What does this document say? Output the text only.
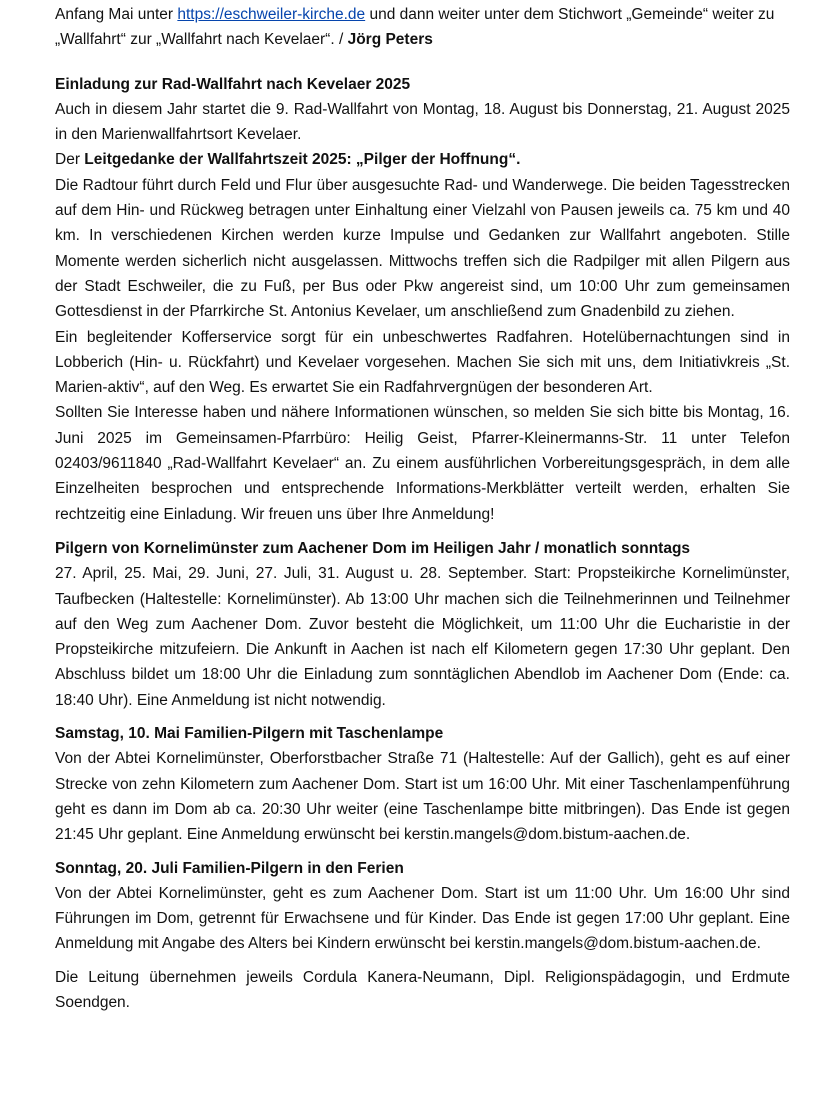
Anfang Mai unter https://eschweiler-kirche.de und dann weiter unter dem Stichwort „Gemeinde“ weiter zu „Wallfahrt“ zur „Wallfahrt nach Kevelaer“. / Jörg Peters

Einladung zur Rad-Wallfahrt nach Kevelaer 2025

Auch in diesem Jahr startet die 9. Rad-Wallfahrt von Montag, 18. August bis Donnerstag, 21. August 2025 in den Marienwallfahrtsort Kevelaer.

Der Leitgedanke der Wallfahrtszeit 2025: „Pilger der Hoffnung“.

Die Radtour führt durch Feld und Flur über ausgesuchte Rad- und Wanderwege. Die beiden Tagesstrecken auf dem Hin- und Rückweg betragen unter Einhaltung einer Vielzahl von Pausen jeweils ca. 75 km und 40 km. In verschiedenen Kirchen werden kurze Impulse und Gedanken zur Wallfahrt angeboten. Stille Momente werden sicherlich nicht ausgelassen. Mittwochs treffen sich die Radpilger mit allen Pilgern aus der Stadt Eschweiler, die zu Fuß, per Bus oder Pkw angereist sind, um 10:00 Uhr zum gemeinsamen Gottesdienst in der Pfarrkirche St. Antonius Kevelaer, um anschließend zum Gnadenbild zu ziehen.

Ein begleitender Kofferservice sorgt für ein unbeschwertes Radfahren. Hotelübernachtungen sind in Lobberich (Hin- u. Rückfahrt) und Kevelaer vorgesehen. Machen Sie sich mit uns, dem Initiativkreis „St. Marien-aktiv“, auf den Weg. Es erwartet Sie ein Radfahrvergnügen der besonderen Art.

Sollten Sie Interesse haben und nähere Informationen wünschen, so melden Sie sich bitte bis Montag, 16. Juni 2025 im Gemeinsamen-Pfarrbüro: Heilig Geist, Pfarrer-Kleinermanns-Str. 11 unter Telefon 02403/9611840 „Rad-Wallfahrt Kevelaer“ an. Zu einem ausführlichen Vorbereitungsgespräch, in dem alle Einzelheiten besprochen und entsprechende Informations-Merkblätter verteilt werden, erhalten Sie rechtzeitig eine Einladung. Wir freuen uns über Ihre Anmeldung!

Pilgern von Kornelimünster zum Aachener Dom im Heiligen Jahr / monatlich sonntags

27. April, 25. Mai, 29. Juni, 27. Juli, 31. August u. 28. September. Start: Propsteikirche Kornelimünster, Taufbecken (Haltestelle: Kornelimünster). Ab 13:00 Uhr machen sich die Teilnehmerinnen und Teilnehmer auf den Weg zum Aachener Dom. Zuvor besteht die Möglichkeit, um 11:00 Uhr die Eucharistie in der Propsteikirche mitzufeiern. Die Ankunft in Aachen ist nach elf Kilometern gegen 17:30 Uhr geplant. Den Abschluss bildet um 18:00 Uhr die Einladung zum sonntäglichen Abendlob im Aachener Dom (Ende: ca. 18:40 Uhr). Eine Anmeldung ist nicht notwendig.

Samstag, 10. Mai Familien-Pilgern mit Taschenlampe

Von der Abtei Kornelimünster, Oberforstbacher Straße 71 (Haltestelle: Auf der Gallich), geht es auf einer Strecke von zehn Kilometern zum Aachener Dom. Start ist um 16:00 Uhr. Mit einer Taschenlampenführung geht es dann im Dom ab ca. 20:30 Uhr weiter (eine Taschenlampe bitte mitbringen). Das Ende ist gegen 21:45 Uhr geplant. Eine Anmeldung erwünscht bei kerstin.mangels@dom.bistum-aachen.de.

Sonntag, 20. Juli Familien-Pilgern in den Ferien

Von der Abtei Kornelimünster, geht es zum Aachener Dom. Start ist um 11:00 Uhr. Um 16:00 Uhr sind Führungen im Dom, getrennt für Erwachsene und für Kinder. Das Ende ist gegen 17:00 Uhr geplant. Eine Anmeldung mit Angabe des Alters bei Kindern erwünscht bei kerstin.mangels@dom.bistum-aachen.de.

Die Leitung übernehmen jeweils Cordula Kanera-Neumann, Dipl. Religionspädagogin, und Erdmute Soendgen.
